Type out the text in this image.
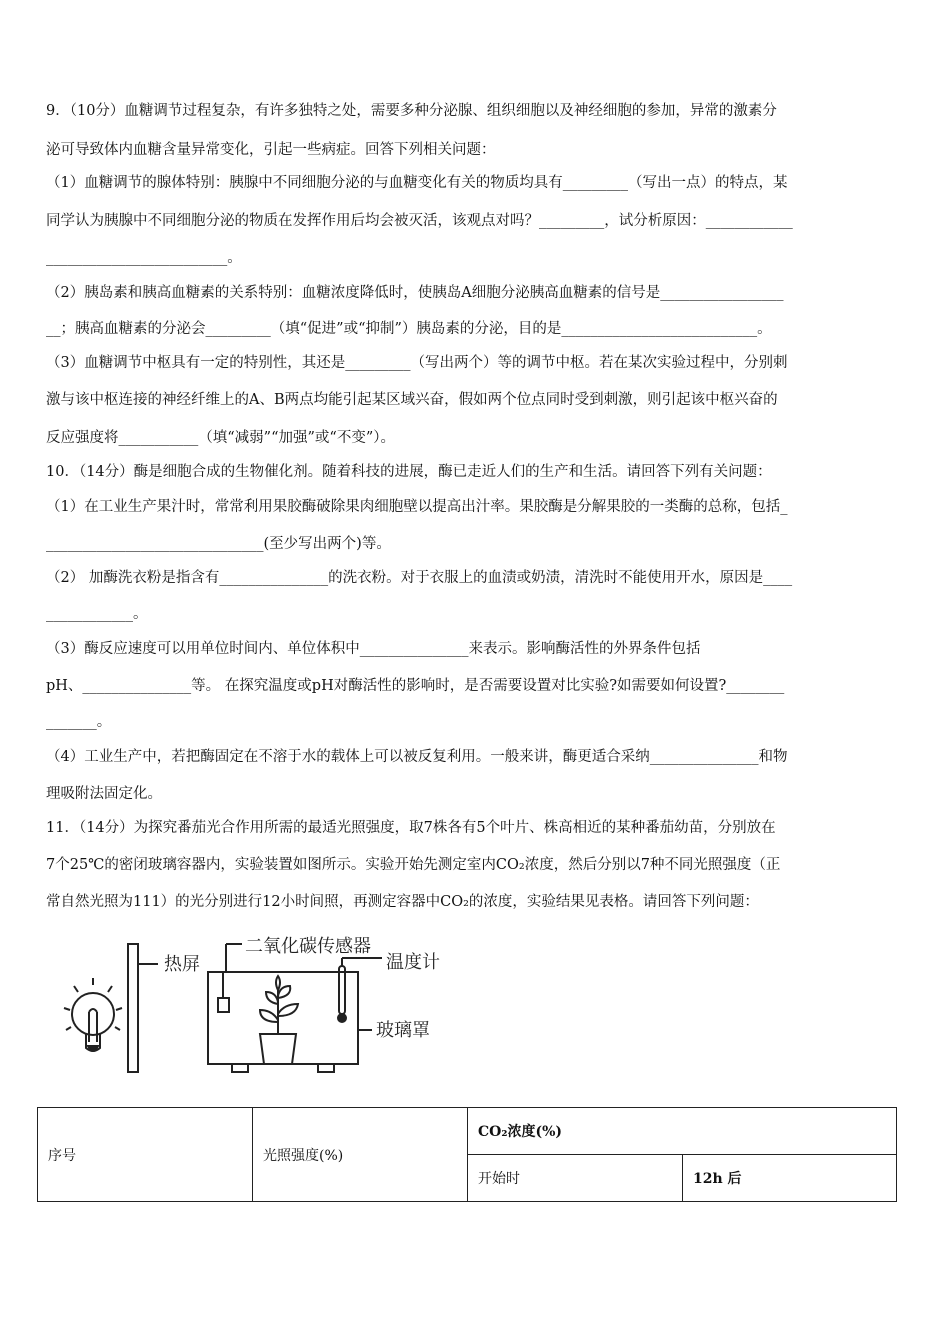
9．（10分）血糖调节过程复杂，有许多独特之处，需要多种分泌腺、组织细胞以及神经细胞的参加，异常的激素分
泌可导致体内血糖含量异常变化，引起一些病症。回答下列相关问题：
（1）血糖调节的腺体特别：胰腺中不同细胞分泌的与血糖变化有关的物质均具有_________（写出一点）的特点，某
同学认为胰腺中不同细胞分泌的物质在发挥作用后均会被灭活，该观点对吗？_________，试分析原因：____________
_________________________。
（2）胰岛素和胰高血糖素的关系特别：血糖浓度降低时，使胰岛A细胞分泌胰高血糖素的信号是_________________
__；胰高血糖素的分泌会_________（填“促进”或“抑制”）胰岛素的分泌，目的是___________________________。
（3）血糖调节中枢具有一定的特别性，其还是_________（写出两个）等的调节中枢。若在某次实验过程中，分别刺
激与该中枢连接的神经纤维上的A、B两点均能引起某区域兴奋，假如两个位点同时受到刺激，则引起该中枢兴奋的
反应强度将___________（填“减弱”“加强”或“不变”）。
10．（14分）酶是细胞合成的生物催化剂。随着科技的进展，酶已走近人们的生产和生活。请回答下列有关问题：
（1）在工业生产果汁时，常常利用果胶酶破除果肉细胞壁以提高出汁率。果胶酶是分解果胶的一类酶的总称，包括_
______________________________(至少写出两个)等。
（2） 加酶洗衣粉是指含有_______________的洗衣粉。对于衣服上的血渍或奶渍，清洗时不能使用开水，原因是____
____________。
（3）酶反应速度可以用单位时间内、单位体积中_______________来表示。影响酶活性的外界条件包括
pH、_______________等。 在探究温度或pH对酶活性的影响时，是否需要设置对比实验?如需要如何设置?________
_______。
（4）工业生产中，若把酶固定在不溶于水的载体上可以被反复利用。一般来讲，酶更适合采纳_______________和物
理吸附法固定化。
11．（14分）为探究番茄光合作用所需的最适光照强度，取7株各有5个叶片、株高相近的某种番茄幼苗，分别放在
7个25℃的密闭玻璃容器内，实验装置如图所示。实验开始先测定室内CO₂浓度，然后分别以7种不同光照强度（正
常自然光照为111）的光分别进行12小时间照，再测定容器中CO₂的浓度，实验结果见表格。请回答下列问题：
热屏
二氧化碳传感器
温度计
玻璃罩
序号	光照强度(%)	CO₂浓度(%)	
		开始时	12h 后
